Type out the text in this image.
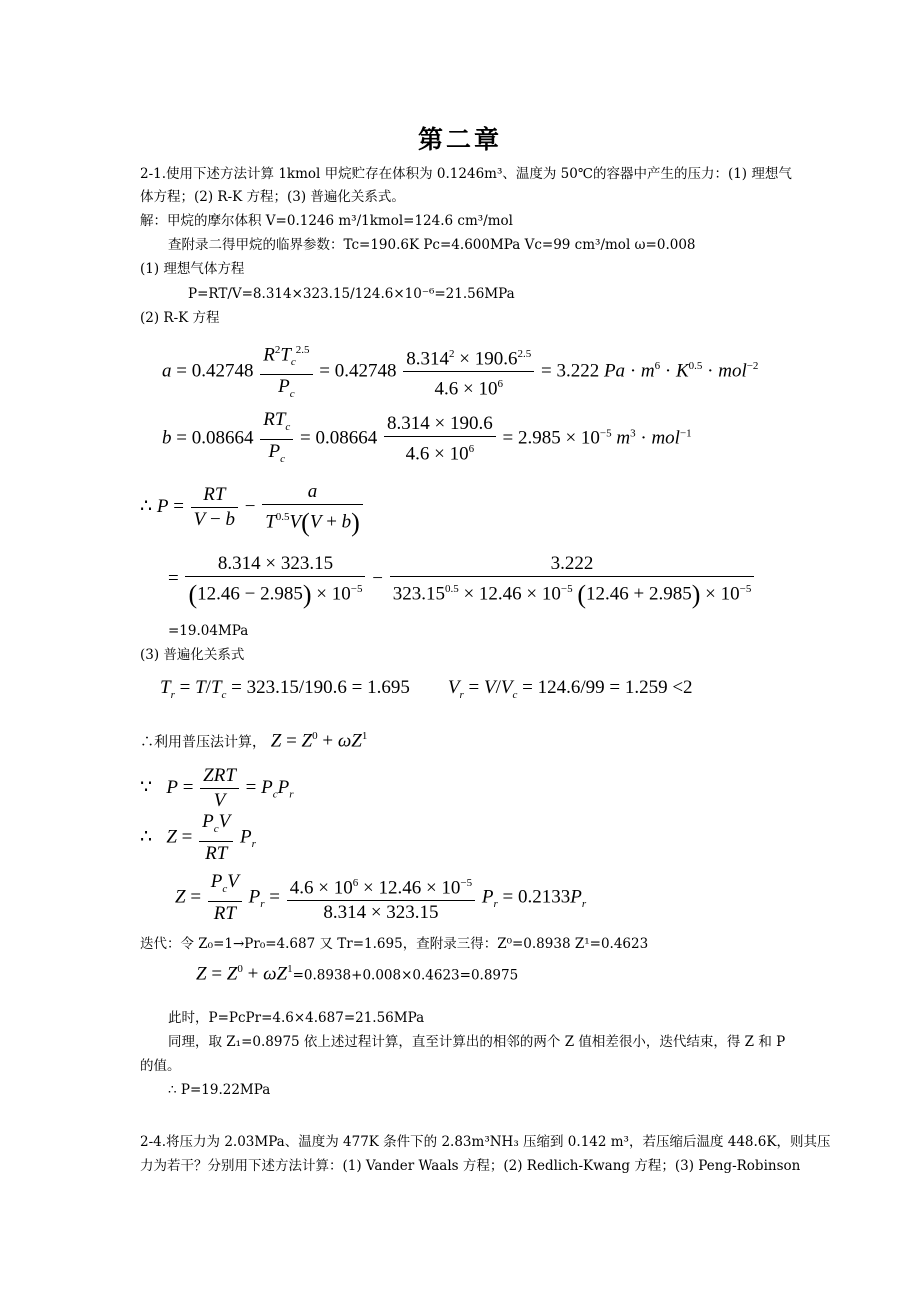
第二章
2-1.使用下述方法计算 1kmol 甲烷贮存在体积为 0.1246m³、温度为 50℃的容器中产生的压力：(1) 理想气
体方程；(2) R-K 方程；(3) 普遍化关系式。
解：甲烷的摩尔体积 V=0.1246 m³/1kmol=124.6 cm³/mol
查附录二得甲烷的临界参数：Tc=190.6K Pc=4.600MPa Vc=99 cm³/mol ω=0.008
(1) 理想气体方程
P=RT/V=8.314×323.15/124.6×10⁻⁶=21.56MPa
(2) R-K 方程
$a = 0.42748 \frac{R^2T_c^{2.5}}{P_c} = 0.42748 \frac{8.314^2 \times 190.6^{2.5}}{4.6 \times 10^6} = 3.222$ $Pa \cdot m^6 \cdot K^{0.5} \cdot mol^{-2}$
$b = 0.08664 \frac{RT_c}{P_c} = 0.08664 \frac{8.314 \times 190.6}{4.6 \times 10^6} = 2.985 \times 10^{-5}$ $m^3 \cdot mol^{-1}$
∴ $P = \frac{RT}{V - b} - \frac{a}{T^{0.5}V(V + b)}$
= $\frac{8.314 \times 323.15}{(12.46 - 2.985) \times 10^{-5}} - \frac{3.222}{323.15^{0.5} \times 12.46 \times 10^{-5} (12.46 + 2.985) \times 10^{-5}}$
=19.04MPa
(3) 普遍化关系式
$T_r = T/T_c = 323.15/190.6 = 1.695$        $V_r = V/V_c = 124.6/99 = 1.259 <2$
∴利用普压法计算， $Z = Z^0 + \omega Z^1$
∵   $P = \frac{\text{ZRT}}{V} = P_cP_r$
∴   $Z = \frac{P_cV}{RT} P_r$
$Z = \frac{P_cV}{RT} P_r = \frac{4.6 \times 10^6 \times 12.46 \times 10^{-5}}{8.314 \times 323.15} P_r = 0.2133P_r$
迭代：令 Z₀=1→Pr₀=4.687 又 Tr=1.695，查附录三得：Z⁰=0.8938 Z¹=0.4623
$Z = Z^0 + \omega Z^1=0.8938+0.008\times 0.4623=0.8975$
此时，P=PcPr=4.6×4.687=21.56MPa
同理，取 Z₁=0.8975 依上述过程计算，直至计算出的相邻的两个 Z 值相差很小，迭代结束，得 Z 和 P
的值。
∴ P=19.22MPa
2-4.将压力为 2.03MPa、温度为 477K 条件下的 2.83m³NH₃ 压缩到 0.142 m³，若压缩后温度 448.6K，则其压
力为若干？分别用下述方法计算：(1) Vander Waals 方程；(2) Redlich-Kwang 方程；(3) Peng-Robinson
